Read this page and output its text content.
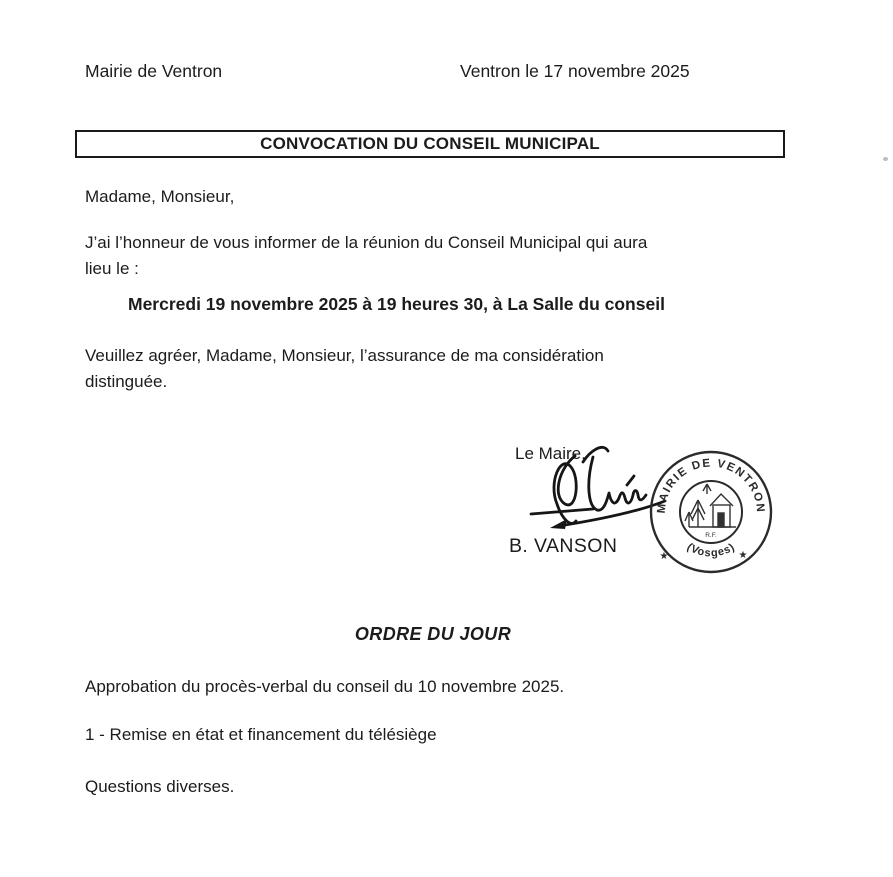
Mairie de Ventron	Ventron le 17 novembre 2025
CONVOCATION DU CONSEIL MUNICIPAL
Madame, Monsieur,
J’ai l’honneur de vous informer de la réunion du Conseil Municipal qui aura
lieu le :
Mercredi 19 novembre 2025 à 19 heures 30, à La Salle du conseil
Veuillez agréer, Madame, Monsieur, l’assurance de ma considération
distinguée.
Le Maire,
MAIRIE DE VENTRON
(Vosges)
★	★
R.F.
B. VANSON
ORDRE DU JOUR
Approbation du procès-verbal du conseil du 10 novembre 2025.
1 - Remise en état et financement du télésiège
Questions diverses.
